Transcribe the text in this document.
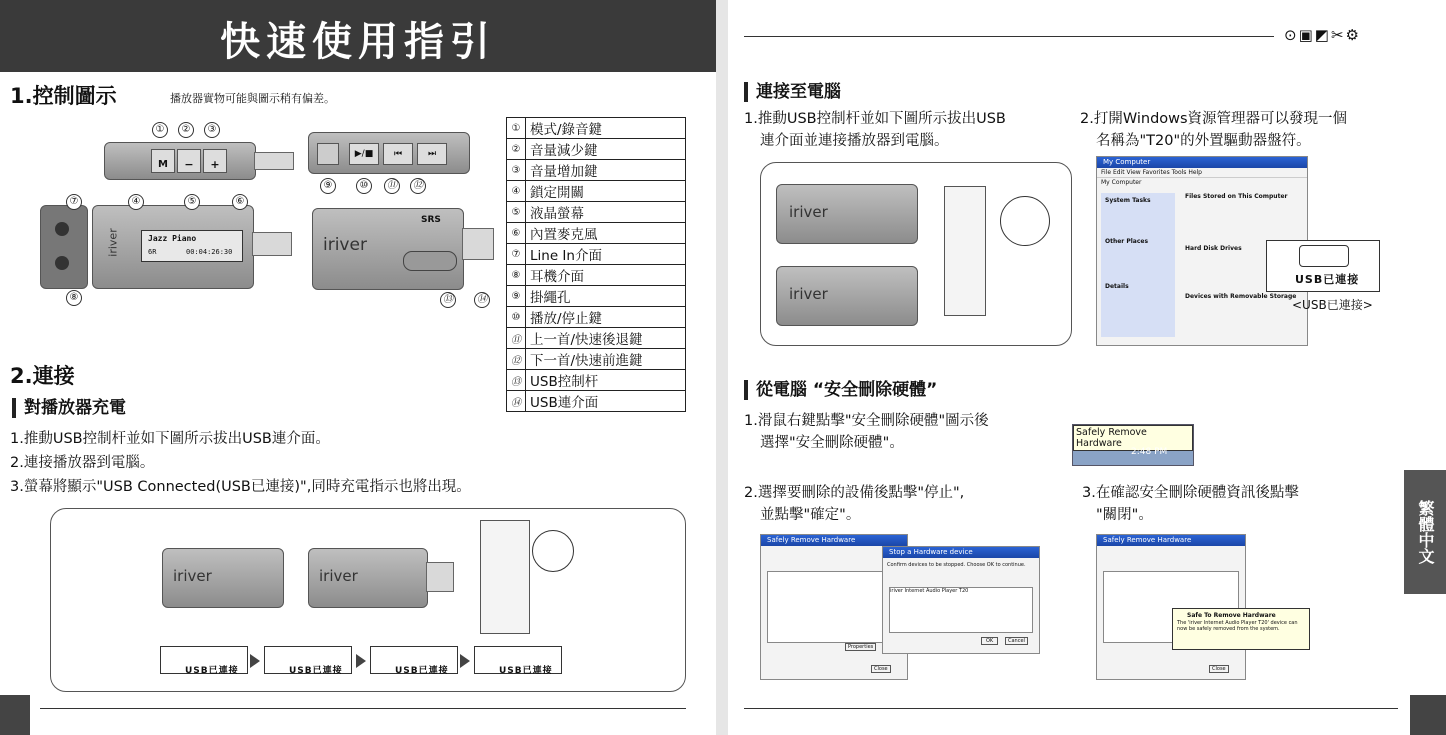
快速使用指引
1.控制圖示	播放器實物可能與圖示稍有偏差。
M	−	+
①	②	③
iriver	Jazz Piano
6R	00:04:26:30
⑦
⑧
④	⑤	⑥
▶/■	⏮	⏭
⑨	⑩	⑪	⑫
iriver
SRS
⑬	⑭
①	模式/錄音鍵
②	音量減少鍵
③	音量增加鍵
④	鎖定開關
⑤	液晶螢幕
⑥	內置麥克風
⑦	Line In介面
⑧	耳機介面
⑨	掛繩孔
⑩	播放/停止鍵
⑪	上一首/快速後退鍵
⑫	下一首/快速前進鍵
⑬	USB控制杆
⑭	USB連介面
2.連接
對播放器充電
1.推動USB控制杆並如下圖所示拔出USB連介面。
2.連接播放器到電腦。
3.螢幕將顯示"USB Connected(USB已連接)",同時充電指示也將出現。
iriver	iriver
USB已連接	USB已連接	USB已連接	USB已連接
⊙▣◩✂⚙
連接至電腦
1.推動USB控制杆並如下圖所示拔出USB
連介面並連接播放器到電腦。
2.打開Windows資源管理器可以發現一個
名稱為"T20"的外置驅動器盤符。
iriver
iriver
My Computer
File Edit View Favorites Tools Help
My Computer
System Tasks
Other Places
Details
Files Stored on This Computer
Hard Disk Drives
Devices with Removable Storage
USB已連接
<USB已連接>
從電腦 “安全刪除硬體”
1.滑鼠右鍵點擊"安全刪除硬體"圖示後
選擇"安全刪除硬體"。
Safely Remove Hardware
2:48 PM
2.選擇要刪除的設備後點擊"停止",
並點擊"確定"。
3.在確認安全刪除硬體資訊後點擊
"關閉"。
Safely Remove Hardware
Properties
Close
Stop a Hardware device
Confirm devices to be stopped. Choose OK to continue.
iriver Internet Audio Player T20
OK	Cancel
Safely Remove Hardware
Close
Safe To Remove Hardware
The 'iriver Internet Audio Player T20' device can now be safely removed from the system.
繁體中文
